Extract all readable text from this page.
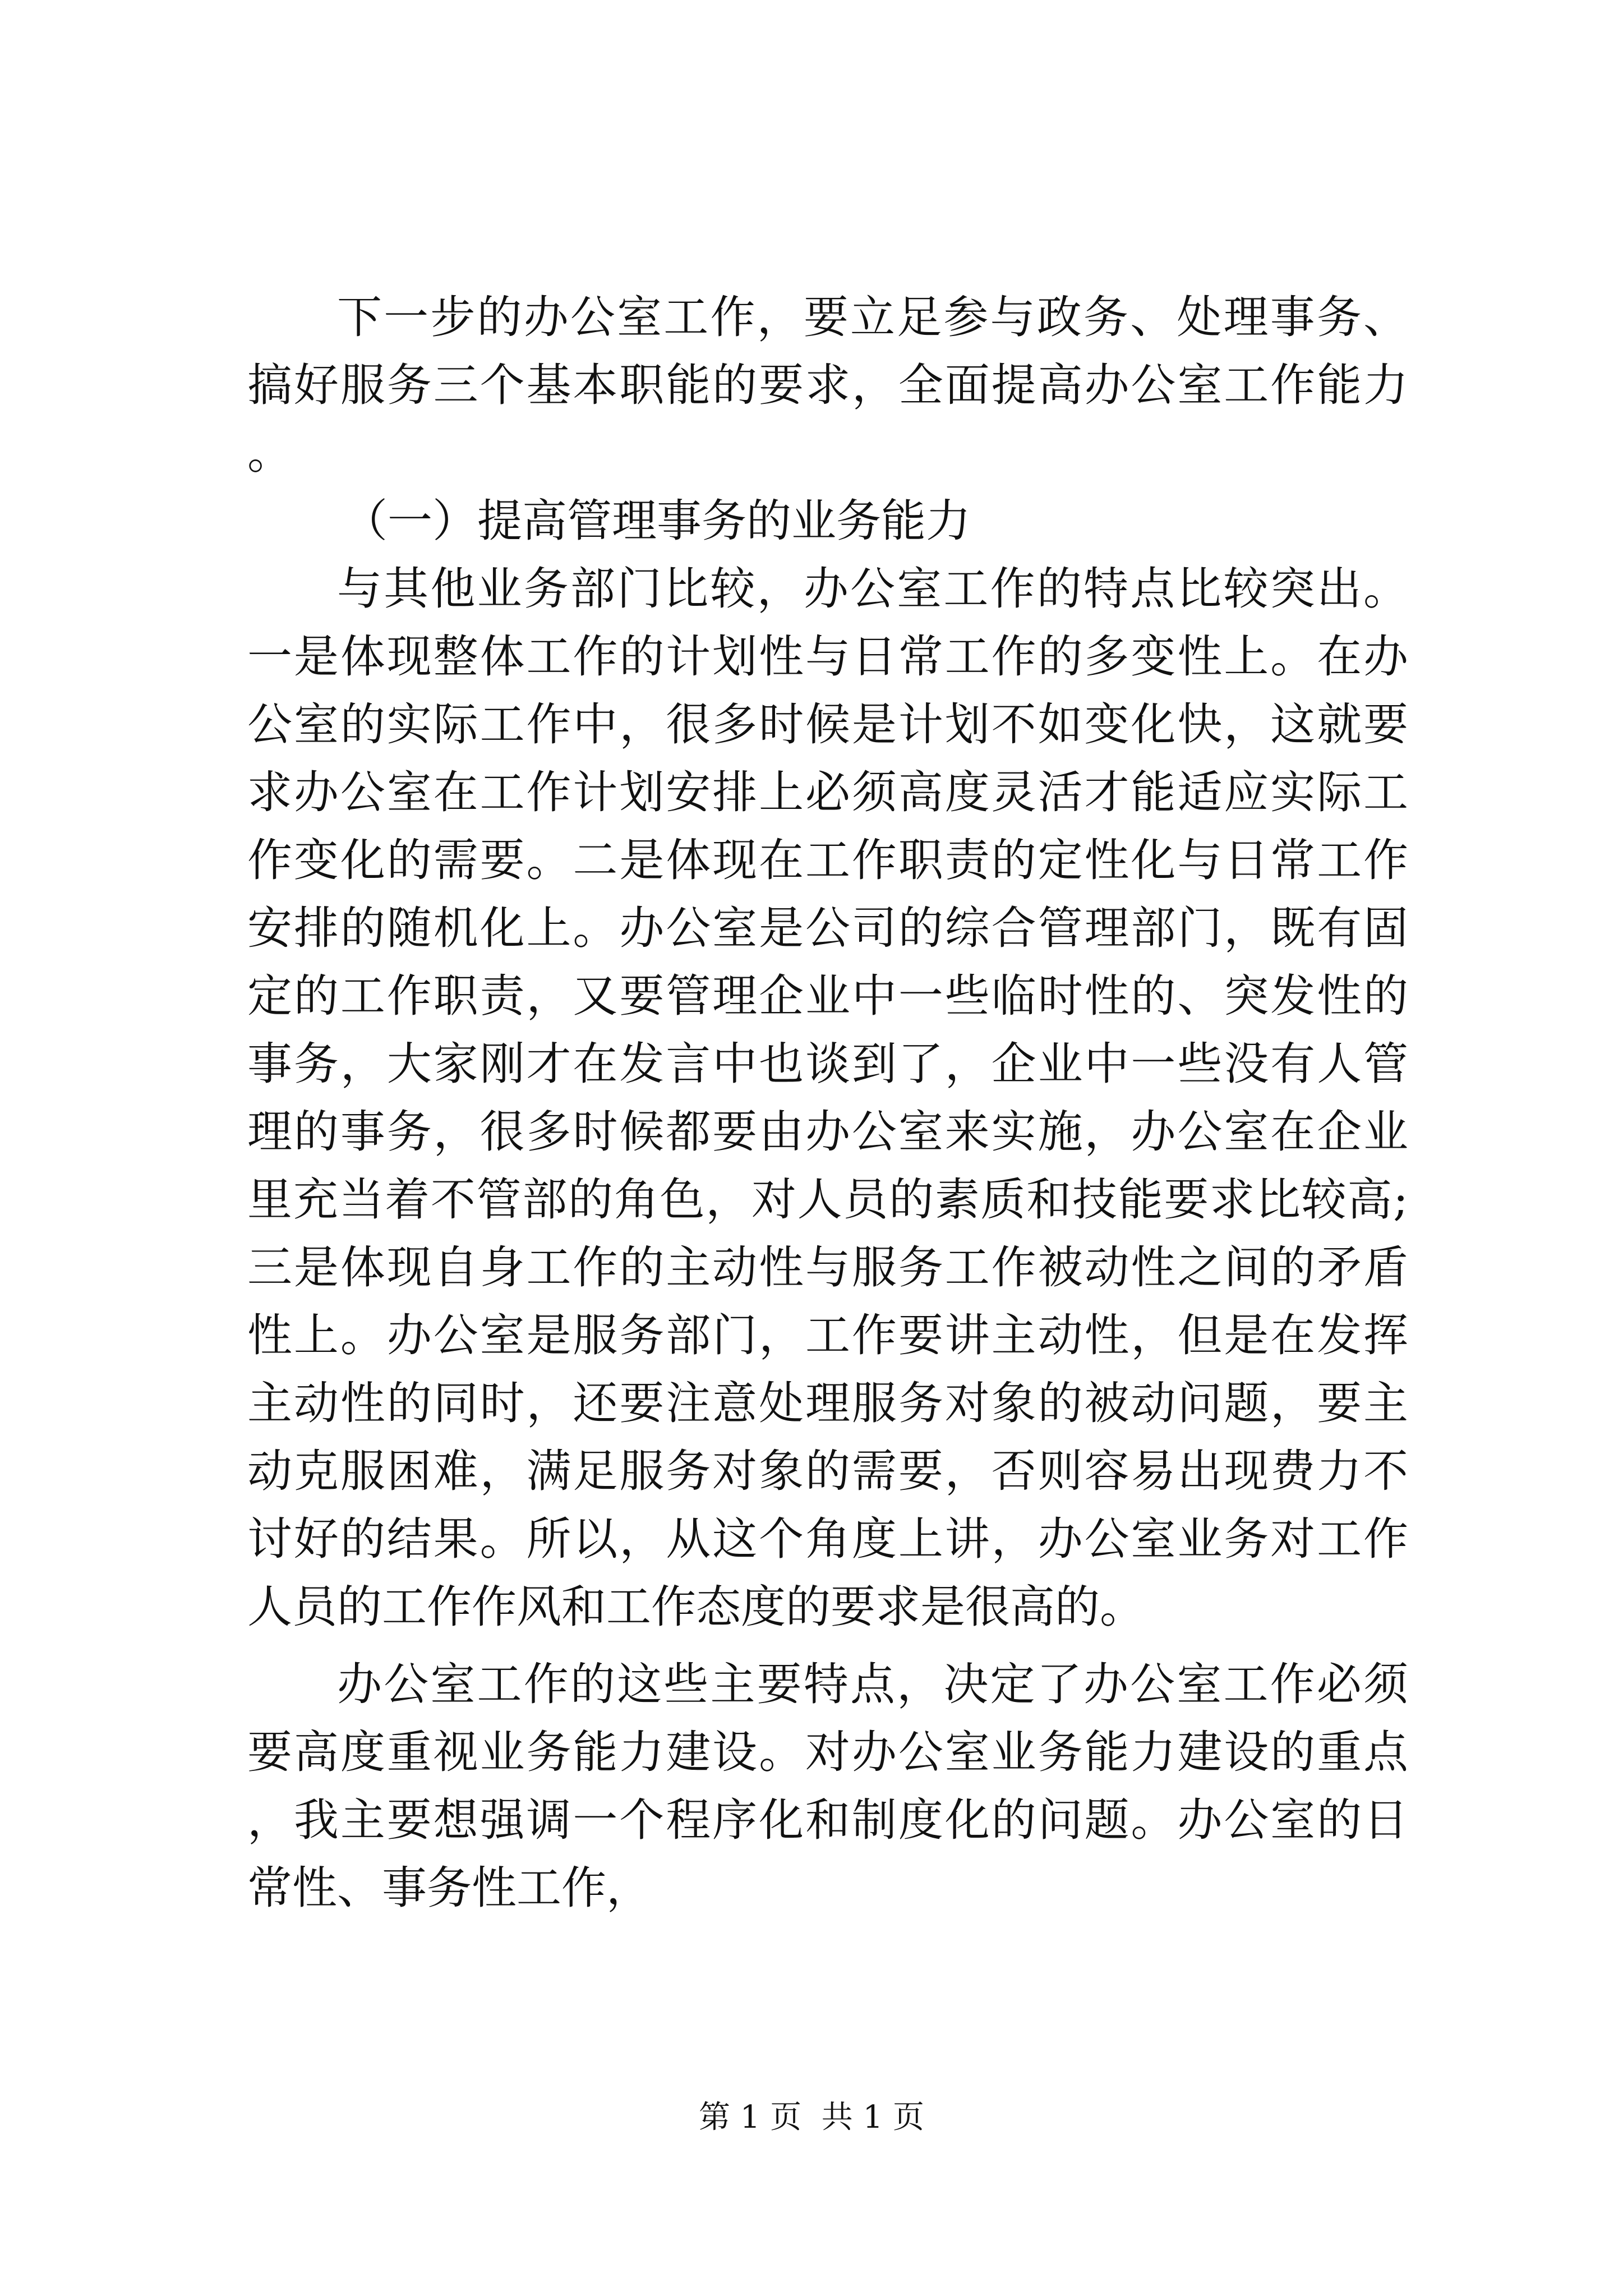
下一步的办公室工作，要立足参与政务、处理事务、搞好服务三个基本职能的要求，全面提高办公室工作能力。

（一）提高管理事务的业务能力

与其他业务部门比较，办公室工作的特点比较突出。一是体现整体工作的计划性与日常工作的多变性上。在办公室的实际工作中，很多时候是计划不如变化快，这就要求办公室在工作计划安排上必须高度灵活才能适应实际工作变化的需要。二是体现在工作职责的定性化与日常工作安排的随机化上。办公室是公司的综合管理部门，既有固定的工作职责，又要管理企业中一些临时性的、突发性的事务，大家刚才在发言中也谈到了，企业中一些没有人管理的事务，很多时候都要由办公室来实施，办公室在企业里充当着不管部的角色，对人员的素质和技能要求比较高;三是体现自身工作的主动性与服务工作被动性之间的矛盾性上。办公室是服务部门，工作要讲主动性，但是在发挥主动性的同时，还要注意处理服务对象的被动问题，要主动克服困难，满足服务对象的需要，否则容易出现费力不讨好的结果。所以，从这个角度上讲，办公室业务对工作人员的工作作风和工作态度的要求是很高的。

办公室工作的这些主要特点，决定了办公室工作必须要高度重视业务能力建设。对办公室业务能力建设的重点，我主要想强调一个程序化和制度化的问题。办公室的日常性、事务性工作，

第 1 页  共 1 页
